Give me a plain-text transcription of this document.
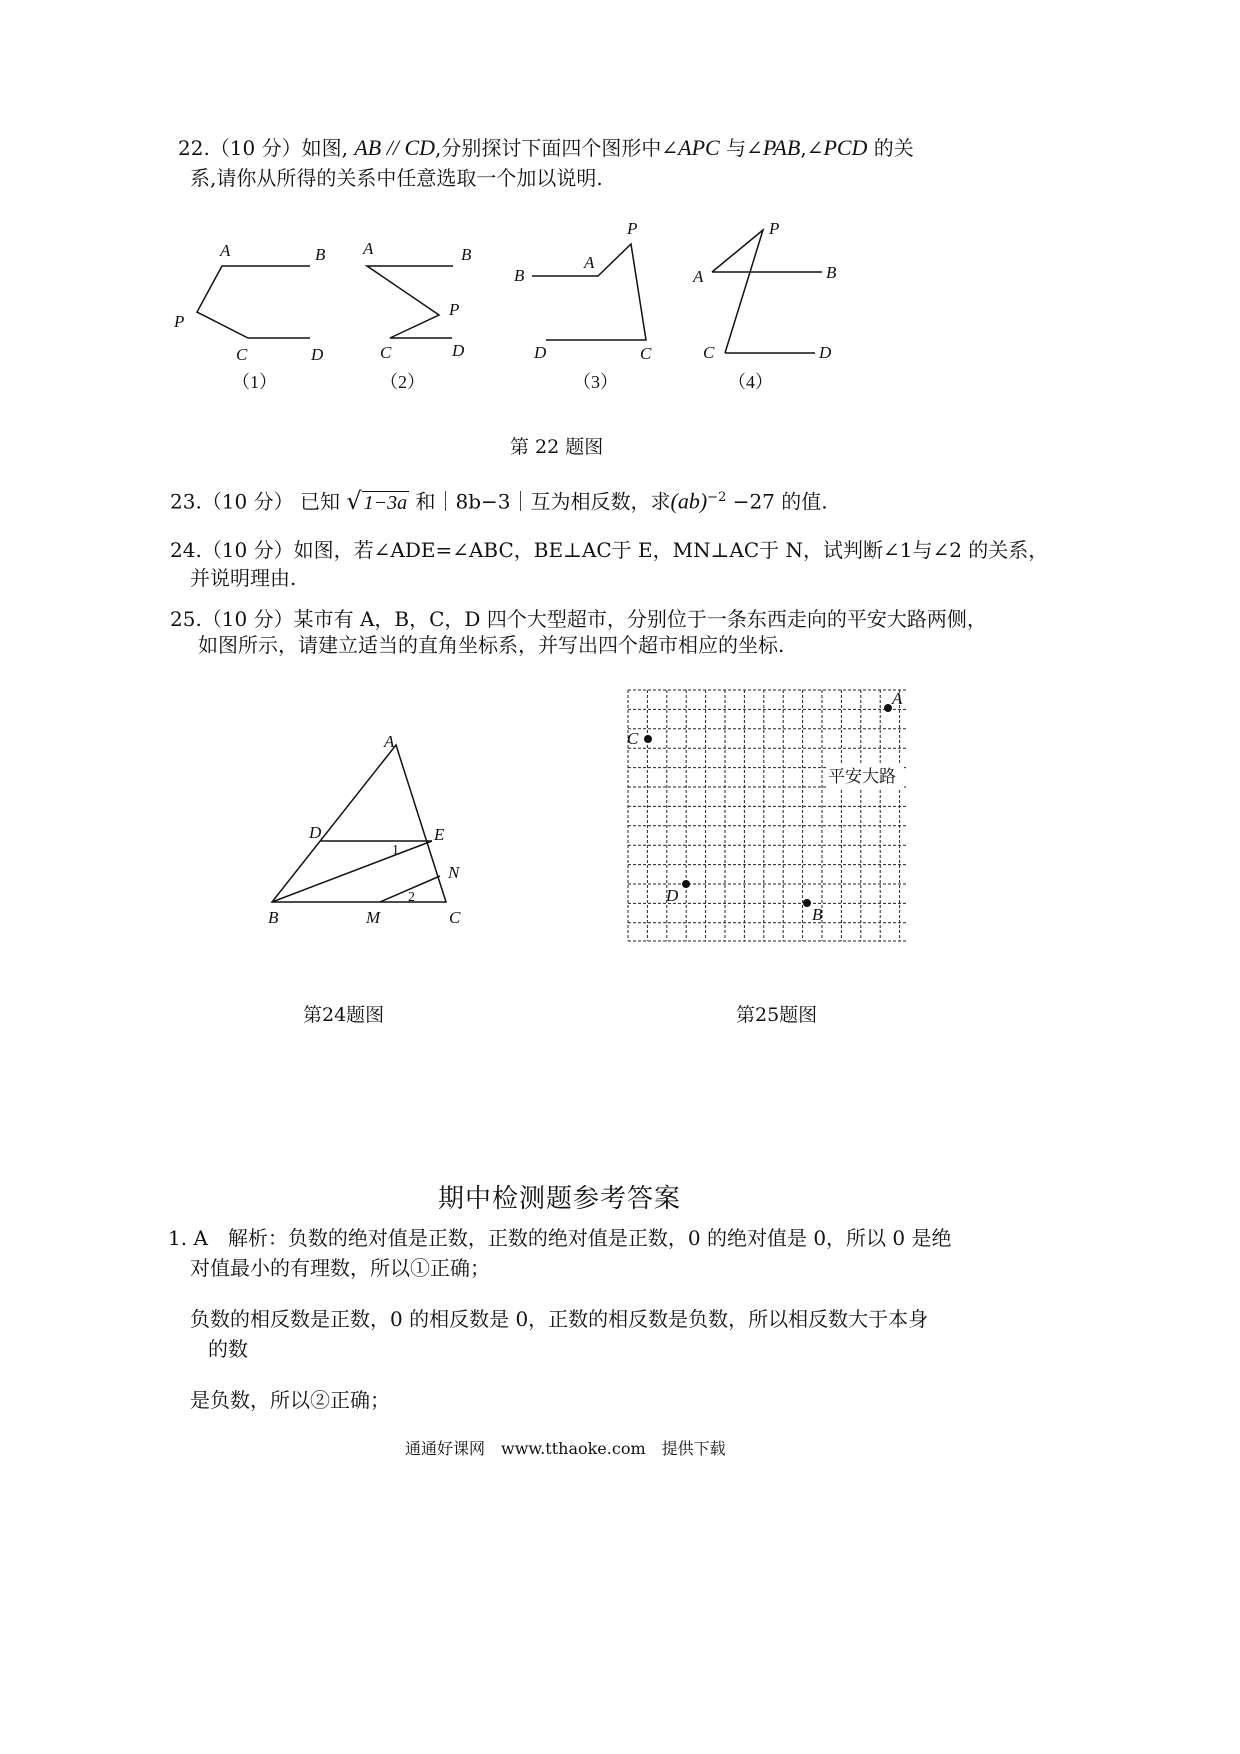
22.（10 分）如图, AB // CD,分别探讨下面四个图形中∠APC 与∠PAB,∠PCD 的关
系,请你从所得的关系中任意选取一个加以说明.
A	B
P
C	D
A	B
P
C	D
B
A
P
D	C
P
A	B
C	D
（1）	（2）	（3）	（4）
第 22 题图
23.（10 分） 已知 √ 1−3a 和｜8b−3｜互为相反数，求(ab)$^{-2}$ −27 的值.
24.（10 分）如图，若∠ADE=∠ABC，BE⊥AC于 E，MN⊥AC于 N，试判断∠1与∠2 的关系，
并说明理由.
25.（10 分）某市有 A，B，C，D 四个大型超市，分别位于一条东西走向的平安大路两侧，
如图所示，请建立适当的直角坐标系，并写出四个超市相应的坐标.
A
D	E
N
B	M	C
1
2
第24题图
平安大路
A
C
D
B
第25题图
期中检测题参考答案
1. A　解析：负数的绝对值是正数，正数的绝对值是正数，0 的绝对值是 0，所以 0 是绝
对值最小的有理数，所以①正确；
负数的相反数是正数，0 的相反数是 0，正数的相反数是负数，所以相反数大于本身
的数
是负数，所以②正确；
通通好课网　www.tthaoke.com　提供下载
